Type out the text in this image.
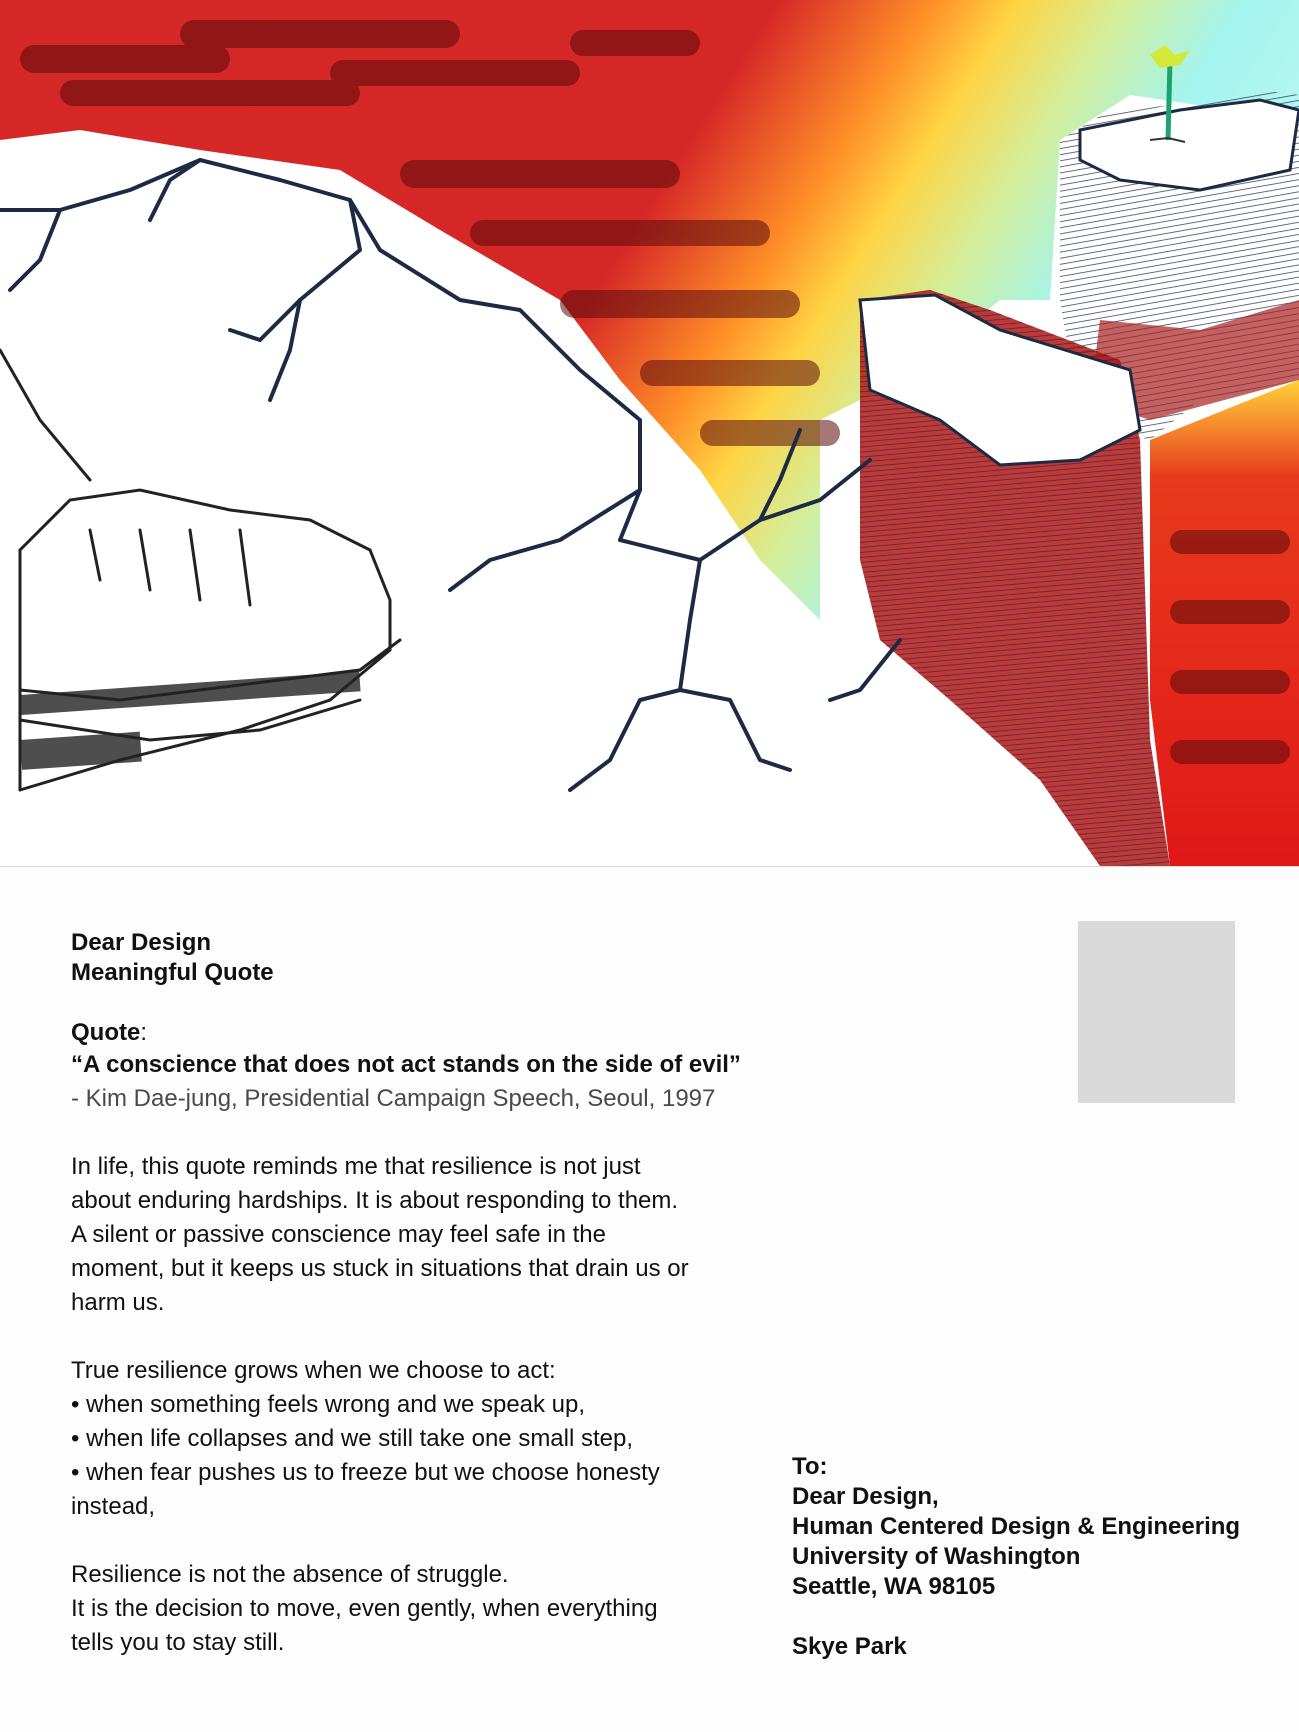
Dear Design
Meaningful Quote
Quote:
“A conscience that does not act stands on the side of evil”
- Kim Dae-jung, Presidential Campaign Speech, Seoul, 1997
In life, this quote reminds me that resilience is not just
about enduring hardships. It is about responding to them.
A silent or passive conscience may feel safe in the
moment, but it keeps us stuck in situations that drain us or
harm us.
True resilience grows when we choose to act:
• when something feels wrong and we speak up,
• when life collapses and we still take one small step,
• when fear pushes us to freeze but we choose honesty
instead,
Resilience is not the absence of struggle.
It is the decision to move, even gently, when everything
tells you to stay still.
To:
Dear Design,
Human Centered Design & Engineering
University of Washington
Seattle, WA 98105
Skye Park
